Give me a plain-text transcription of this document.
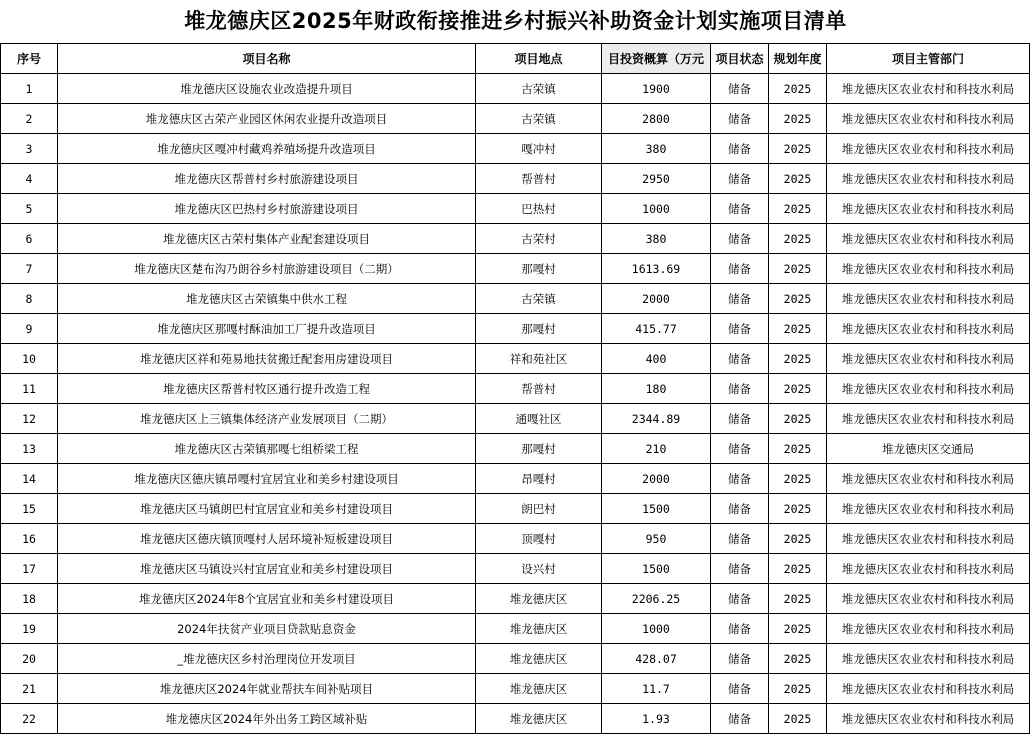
堆龙德庆区2025年财政衔接推进乡村振兴补助资金计划实施项目清单
序号	项目名称	项目地点	目投资概算（万元	项目状态	规划年度	项目主管部门
1	堆龙德庆区设施农业改造提升项目	古荣镇	1900	储备	2025	堆龙德庆区农业农村和科技水利局
2	堆龙德庆区古荣产业园区休闲农业提升改造项目	古荣镇	2800	储备	2025	堆龙德庆区农业农村和科技水利局
3	堆龙德庆区嘎冲村藏鸡养殖场提升改造项目	嘎冲村	380	储备	2025	堆龙德庆区农业农村和科技水利局
4	堆龙德庆区帮普村乡村旅游建设项目	帮普村	2950	储备	2025	堆龙德庆区农业农村和科技水利局
5	堆龙德庆区巴热村乡村旅游建设项目	巴热村	1000	储备	2025	堆龙德庆区农业农村和科技水利局
6	堆龙德庆区古荣村集体产业配套建设项目	古荣村	380	储备	2025	堆龙德庆区农业农村和科技水利局
7	堆龙德庆区楚布沟乃朗谷乡村旅游建设项目（二期）	那嘎村	1613.69	储备	2025	堆龙德庆区农业农村和科技水利局
8	堆龙德庆区古荣镇集中供水工程	古荣镇	2000	储备	2025	堆龙德庆区农业农村和科技水利局
9	堆龙德庆区那嘎村酥油加工厂提升改造项目	那嘎村	415.77	储备	2025	堆龙德庆区农业农村和科技水利局
10	堆龙德庆区祥和苑易地扶贫搬迁配套用房建设项目	祥和苑社区	400	储备	2025	堆龙德庆区农业农村和科技水利局
11	堆龙德庆区帮普村牧区通行提升改造工程	帮普村	180	储备	2025	堆龙德庆区农业农村和科技水利局
12	堆龙德庆区上三镇集体经济产业发展项目（二期）	通嘎社区	2344.89	储备	2025	堆龙德庆区农业农村和科技水利局
13	堆龙德庆区古荣镇那嘎七组桥梁工程	那嘎村	210	储备	2025	堆龙德庆区交通局
14	堆龙德庆区德庆镇昂嘎村宜居宜业和美乡村建设项目	昂嘎村	2000	储备	2025	堆龙德庆区农业农村和科技水利局
15	堆龙德庆区马镇朗巴村宜居宜业和美乡村建设项目	朗巴村	1500	储备	2025	堆龙德庆区农业农村和科技水利局
16	堆龙德庆区德庆镇顶嘎村人居环境补短板建设项目	顶嘎村	950	储备	2025	堆龙德庆区农业农村和科技水利局
17	堆龙德庆区马镇设兴村宜居宜业和美乡村建设项目	设兴村	1500	储备	2025	堆龙德庆区农业农村和科技水利局
18	堆龙德庆区2024年8个宜居宜业和美乡村建设项目	堆龙德庆区	2206.25	储备	2025	堆龙德庆区农业农村和科技水利局
19	2024年扶贫产业项目贷款贴息资金	堆龙德庆区	1000	储备	2025	堆龙德庆区农业农村和科技水利局
20	_堆龙德庆区乡村治理岗位开发项目	堆龙德庆区	428.07	储备	2025	堆龙德庆区农业农村和科技水利局
21	堆龙德庆区2024年就业帮扶车间补贴项目	堆龙德庆区	11.7	储备	2025	堆龙德庆区农业农村和科技水利局
22	堆龙德庆区2024年外出务工跨区域补贴	堆龙德庆区	1.93	储备	2025	堆龙德庆区农业农村和科技水利局
